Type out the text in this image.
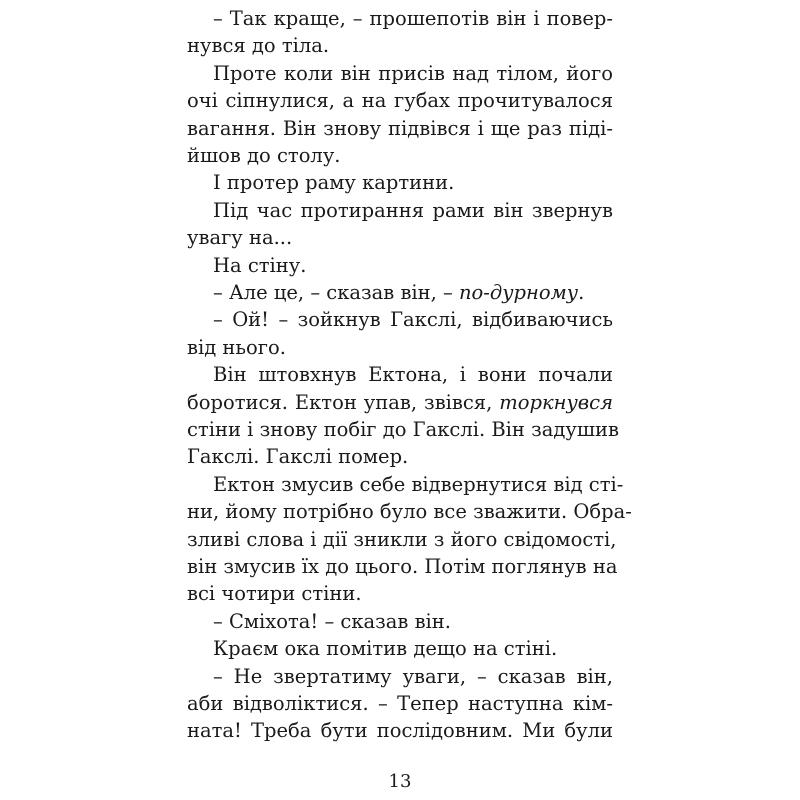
– Так краще, – прошепотів він і повер-
нувся до тіла.
Проте коли він присів над тілом, його
очі сіпнулися, а на губах прочитувалося
вагання. Він знову підвівся і ще раз піді-
йшов до столу.
І протер раму картини.
Під час протирання рами він звернув
увагу на...
На стіну.
– Але це, – сказав він, – по-дурному.
– Ой! – зойкнув Гакслі, відбиваючись
від нього.
Він штовхнув Ектона, і вони почали
боротися. Ектон упав, звівся, торкнувся
стіни і знову побіг до Гакслі. Він задушив
Гакслі. Гакслі помер.
Ектон змусив себе відвернутися від сті-
ни, йому потрібно було все зважити. Обра-
зливі слова і дії зникли з його свідомості,
він змусив їх до цього. Потім поглянув на
всі чотири стіни.
– Сміхота! – сказав він.
Краєм ока помітив дещо на стіні.
– Не звертатиму уваги, – сказав він,
аби відволіктися. – Тепер наступна кім-
ната! Треба бути послідовним. Ми були
13
